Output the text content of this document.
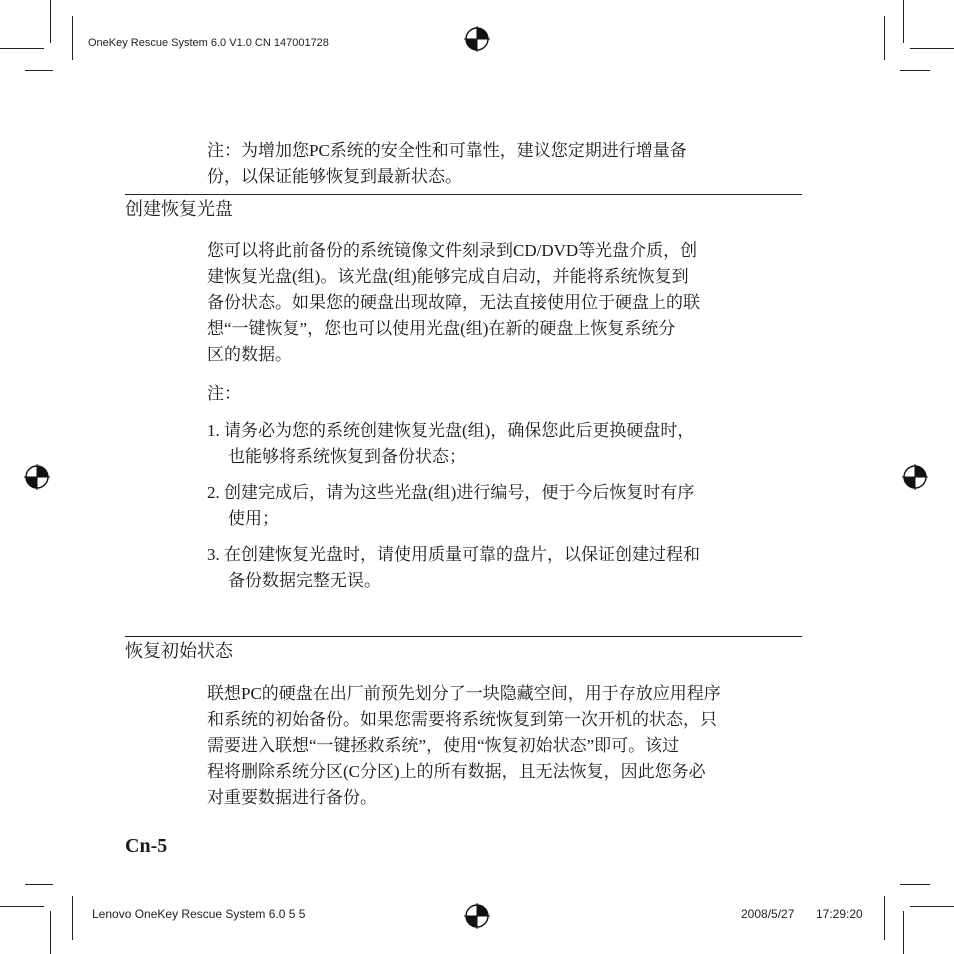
OneKey Rescue System 6.0 V1.0 CN 147001728
注：为增加您PC系统的安全性和可靠性，建议您定期进行增量备
份，以保证能够恢复到最新状态。
创建恢复光盘
您可以将此前备份的系统镜像文件刻录到CD/DVD等光盘介质，创
建恢复光盘(组)。该光盘(组)能够完成自启动，并能将系统恢复到
备份状态。如果您的硬盘出现故障，无法直接使用位于硬盘上的联
想“一键恢复”，您也可以使用光盘(组)在新的硬盘上恢复系统分
区的数据。
注：
1. 请务必为您的系统创建恢复光盘(组)，确保您此后更换硬盘时，
也能够将系统恢复到备份状态；
2. 创建完成后，请为这些光盘(组)进行编号，便于今后恢复时有序
使用；
3. 在创建恢复光盘时，请使用质量可靠的盘片，以保证创建过程和
备份数据完整无误。
恢复初始状态
联想PC的硬盘在出厂前预先划分了一块隐藏空间，用于存放应用程序
和系统的初始备份。如果您需要将系统恢复到第一次开机的状态，只
需要进入联想“一键拯救系统”，使用“恢复初始状态”即可。该过
程将删除系统分区(C分区)上的所有数据，且无法恢复，因此您务必
对重要数据进行备份。
Cn-5
Lenovo OneKey Rescue System 6.0 5 5	2008/5/27 17:29:20
